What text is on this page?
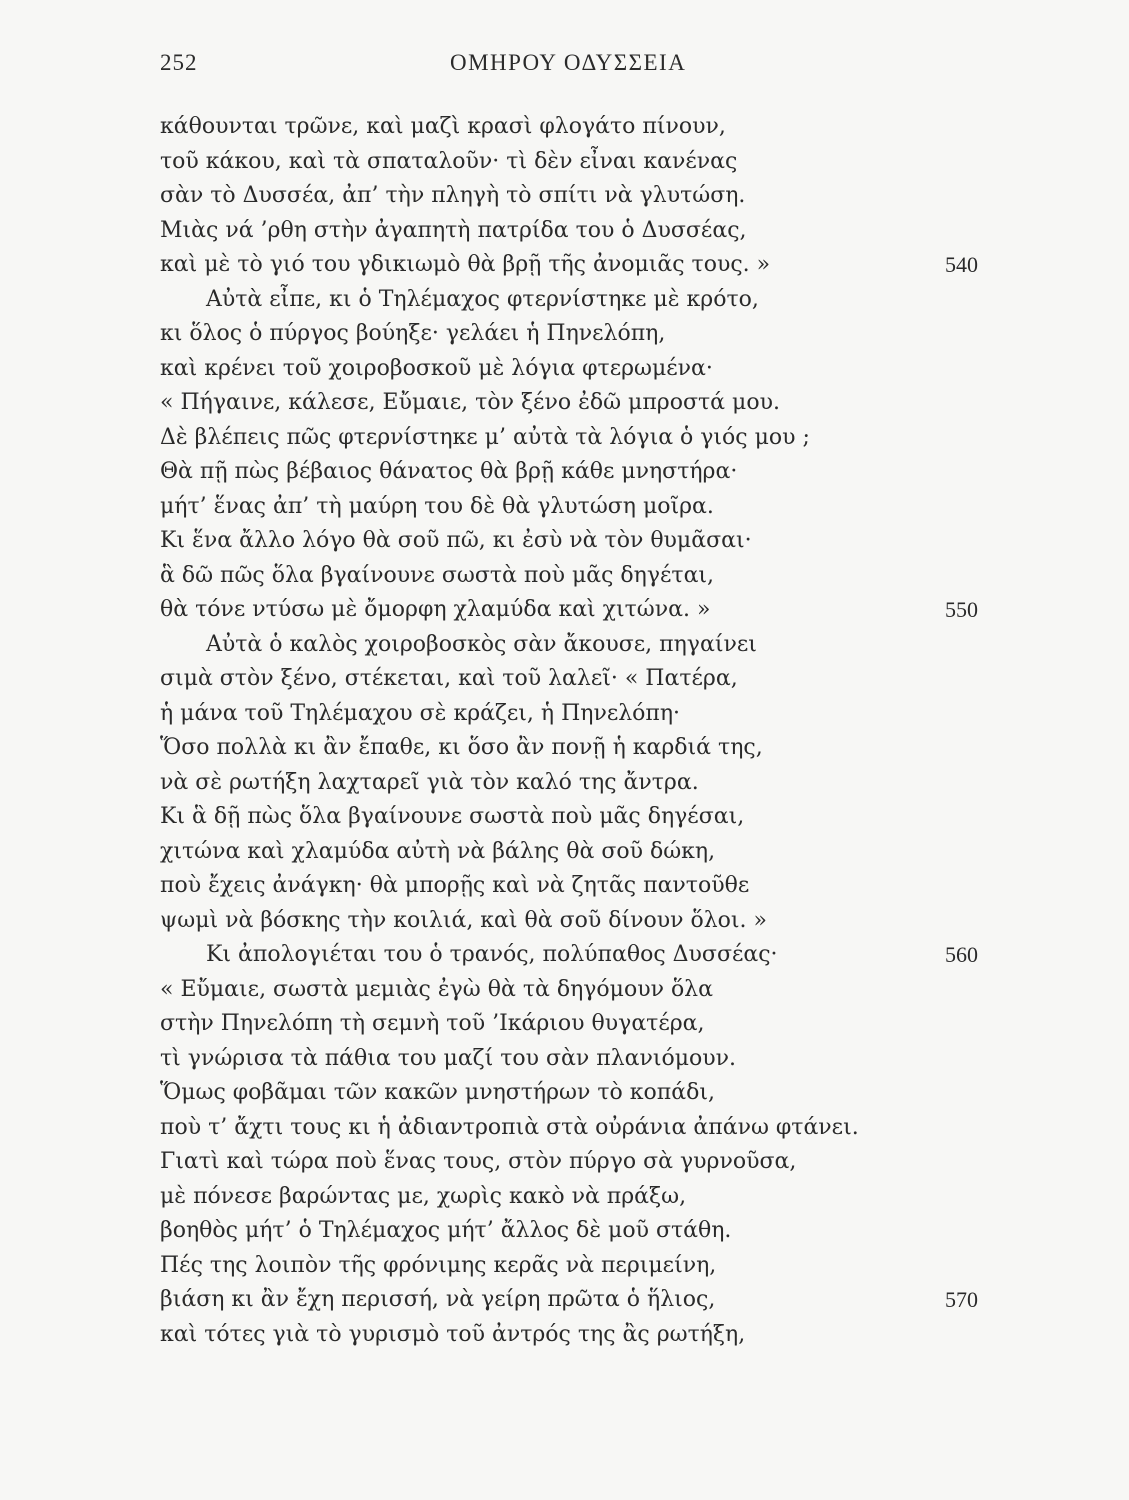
252	ΟΜΗΡΟΥ ΟΔΥΣΣΕΙΑ
κάθουνται τρῶνε, καὶ μαζὶ κρασὶ φλογάτο πίνουν,
τοῦ κάκου, καὶ τὰ σπαταλοῦν· τὶ δὲν εἶναι κανένας
σὰν τὸ Δυσσέα, ἀπ’ τὴν πληγὴ τὸ σπίτι νὰ γλυτώση.
Μιὰς νά ’ρθη στὴν ἀγαπητὴ πατρίδα του ὁ Δυσσέας,
καὶ μὲ τὸ γιό του γδικιωμὸ θὰ βρῇ τῆς ἀνομιᾶς τους. »	540
Αὐτὰ εἶπε, κι ὁ Τηλέμαχος φτερνίστηκε μὲ κρότο,
κι ὅλος ὁ πύργος βούηξε· γελάει ἡ Πηνελόπη,
καὶ κρένει τοῦ χοιροβοσκοῦ μὲ λόγια φτερωμένα·
« Πήγαινε, κάλεσε, Εὔμαιε, τὸν ξένο ἐδῶ μπροστά μου.
Δὲ βλέπεις πῶς φτερνίστηκε μ’ αὐτὰ τὰ λόγια ὁ γιός μου ;
Θὰ πῇ πὼς βέβαιος θάνατος θὰ βρῇ κάθε μνηστήρα·
μήτ’ ἕνας ἀπ’ τὴ μαύρη του δὲ θὰ γλυτώση μοῖρα.
Κι ἕνα ἄλλο λόγο θὰ σοῦ πῶ, κι ἐσὺ νὰ τὸν θυμᾶσαι·
ἃ δῶ πῶς ὅλα βγαίνουνε σωστὰ ποὺ μᾶς δηγέται,
θὰ τόνε ντύσω μὲ ὄμορφη χλαμύδα καὶ χιτώνα. »	550
Αὐτὰ ὁ καλὸς χοιροβοσκὸς σὰν ἄκουσε, πηγαίνει
σιμὰ στὸν ξένο, στέκεται, καὶ τοῦ λαλεῖ· « Πατέρα,
ἡ μάνα τοῦ Τηλέμαχου σὲ κράζει, ἡ Πηνελόπη·
Ὅσο πολλὰ κι ἂν ἔπαθε, κι ὅσο ἂν πονῇ ἡ καρδιά της,
νὰ σὲ ρωτήξη λαχταρεῖ γιὰ τὸν καλό της ἄντρα.
Κι ἃ δῇ πὼς ὅλα βγαίνουνε σωστὰ ποὺ μᾶς δηγέσαι,
χιτώνα καὶ χλαμύδα αὐτὴ νὰ βάλης θὰ σοῦ δώκη,
ποὺ ἔχεις ἀνάγκη· θὰ μπορῇς καὶ νὰ ζητᾶς παντοῦθε
ψωμὶ νὰ βόσκης τὴν κοιλιά, καὶ θὰ σοῦ δίνουν ὅλοι. »
Κι ἀπολογιέται του ὁ τρανός, πολύπαθος Δυσσέας·	560
« Εὔμαιε, σωστὰ μεμιὰς ἐγὼ θὰ τὰ δηγόμουν ὅλα
στὴν Πηνελόπη τὴ σεμνὴ τοῦ ’Ικάριου θυγατέρα,
τὶ γνώρισα τὰ πάθια του μαζί του σὰν πλανιόμουν.
Ὅμως φοβᾶμαι τῶν κακῶν μνηστήρων τὸ κοπάδι,
ποὺ τ’ ἄχτι τους κι ἡ ἀδιαντροπιὰ στὰ οὐράνια ἀπάνω φτάνει.
Γιατὶ καὶ τώρα ποὺ ἕνας τους, στὸν πύργο σὰ γυρνοῦσα,
μὲ πόνεσε βαρώντας με, χωρὶς κακὸ νὰ πράξω,
βοηθὸς μήτ’ ὁ Τηλέμαχος μήτ’ ἄλλος δὲ μοῦ στάθη.
Πές της λοιπὸν τῆς φρόνιμης κερᾶς νὰ περιμείνη,
βιάση κι ἂν ἔχη περισσή, νὰ γείρη πρῶτα ὁ ἥλιος,	570
καὶ τότες γιὰ τὸ γυρισμὸ τοῦ ἀντρός της ἂς ρωτήξη,
